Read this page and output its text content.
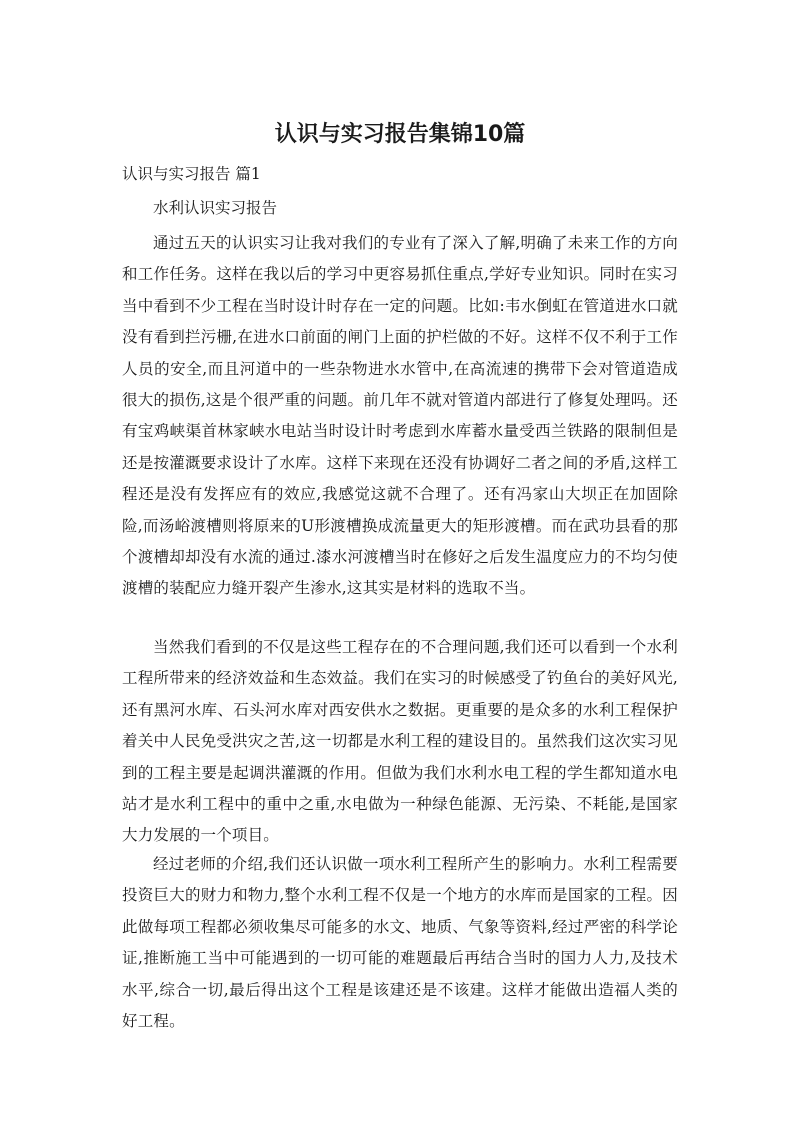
认识与实习报告集锦10篇

认识与实习报告 篇1

水利认识实习报告

通过五天的认识实习让我对我们的专业有了深入了解,明确了未来工作的方向和工作任务。这样在我以后的学习中更容易抓住重点,学好专业知识。同时在实习当中看到不少工程在当时设计时存在一定的问题。比如:韦水倒虹在管道进水口就没有看到拦污栅,在进水口前面的闸门上面的护栏做的不好。这样不仅不利于工作人员的安全,而且河道中的一些杂物进水水管中,在高流速的携带下会对管道造成很大的损伤,这是个很严重的问题。前几年不就对管道内部进行了修复处理吗。还有宝鸡峡渠首林家峡水电站当时设计时考虑到水库蓄水量受西兰铁路的限制但是还是按灌溉要求设计了水库。这样下来现在还没有协调好二者之间的矛盾,这样工程还是没有发挥应有的效应,我感觉这就不合理了。还有冯家山大坝正在加固除险,而汤峪渡槽则将原来的U形渡槽换成流量更大的矩形渡槽。而在武功县看的那个渡槽却却没有水流的通过.漆水河渡槽当时在修好之后发生温度应力的不均匀使渡槽的装配应力缝开裂产生渗水,这其实是材料的选取不当。

当然我们看到的不仅是这些工程存在的不合理问题,我们还可以看到一个水利工程所带来的经济效益和生态效益。我们在实习的时候感受了钓鱼台的美好风光,还有黑河水库、石头河水库对西安供水之数据。更重要的是众多的水利工程保护着关中人民免受洪灾之苦,这一切都是水利工程的建设目的。虽然我们这次实习见到的工程主要是起调洪灌溉的作用。但做为我们水利水电工程的学生都知道水电站才是水利工程中的重中之重,水电做为一种绿色能源、无污染、不耗能,是国家大力发展的一个项目。

经过老师的介绍,我们还认识做一项水利工程所产生的影响力。水利工程需要投资巨大的财力和物力,整个水利工程不仅是一个地方的水库而是国家的工程。因此做每项工程都必须收集尽可能多的水文、地质、气象等资料,经过严密的科学论证,推断施工当中可能遇到的一切可能的难题最后再结合当时的国力人力,及技术水平,综合一切,最后得出这个工程是该建还是不该建。这样才能做出造福人类的好工程。
